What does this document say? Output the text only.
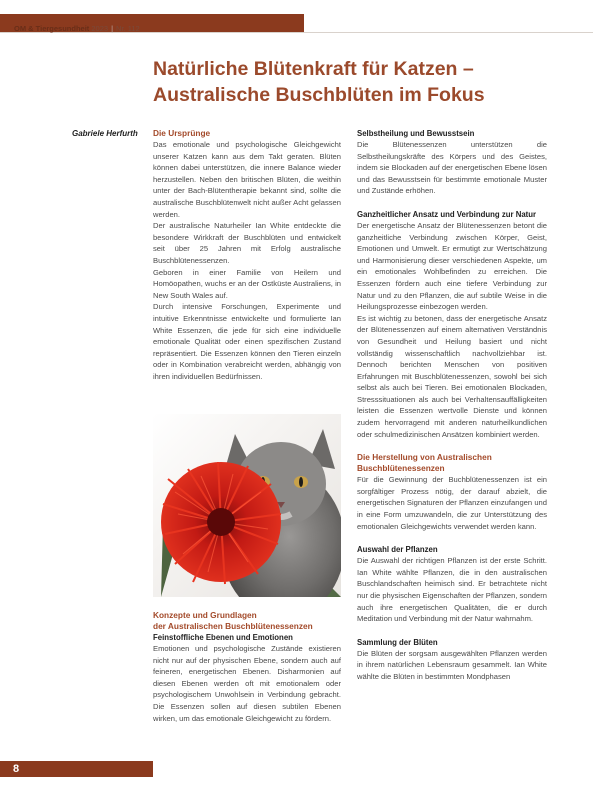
OM & Tiergesundheit 2023 | Nr. 112
Natürliche Blütenkraft für Katzen –
Australische Buschblüten im Fokus
Gabriele Herfurth Die Ursprünge

Das emotionale und psychologische Gleichgewicht unserer Katzen kann aus dem Takt geraten. Blüten können dabei unterstützen, die innere Balance wieder herzustellen. Neben den britischen Blüten, die weithin unter der Bach-Blütentherapie bekannt sind, sollte die australische Buschblütenwelt nicht außer Acht gelassen werden.

Der australische Naturheiler Ian White entdeckte die besondere Wirkkraft der Buschblüten und entwickelt seit über 25 Jahren mit Erfolg australische Buschblütenessenzen.

Geboren in einer Familie von Heilern und Homöopathen, wuchs er an der Ostküste Australiens, in New South Wales auf.

Durch intensive Forschungen, Experimente und intuitive Erkenntnisse entwickelte und formulierte Ian White Essenzen, die jede für sich eine individuelle emotionale Qualität oder einen spezifischen Zustand repräsentiert. Die Essenzen können den Tieren einzeln oder in Kombination verabreicht werden, abhängig von ihren individuellen Bedürfnissen.

Konzepte und Grundlagen
der Australischen Buschblütenessenzen

Feinstoffliche Ebenen und Emotionen

Emotionen und psychologische Zustände existieren nicht nur auf der physischen Ebene, sondern auch auf feineren, energetischen Ebenen. Disharmonien auf diesen Ebenen werden oft mit emotionalem oder psychologischem Unwohlsein in Verbindung gebracht. Die Essenzen sollen auf diesen subtilen Ebenen wirken, um das emotionale Gleichgewicht zu fördern.

Selbstheilung und Bewusstsein

Die Blütenessenzen unterstützen die Selbstheilungskräfte des Körpers und des Geistes, indem sie Blockaden auf der energetischen Ebene lösen und das Bewusstsein für bestimmte emotionale Muster und Zustände erhöhen.

Ganzheitlicher Ansatz und Verbindung zur Natur

Der energetische Ansatz der Blütenessenzen betont die ganzheitliche Verbindung zwischen Körper, Geist, Emotionen und Umwelt. Er ermutigt zur Wertschätzung und Harmonisierung dieser verschiedenen Aspekte, um ein emotionales Wohlbefinden zu erreichen. Die Essenzen fördern auch eine tiefere Verbindung zur Natur und zu den Pflanzen, die auf subtile Weise in die Heilungsprozesse einbezogen werden.

Es ist wichtig zu betonen, dass der energetische Ansatz der Blütenessenzen auf einem alternativen Verständnis von Gesundheit und Heilung basiert und nicht vollständig wissenschaftlich nachvollziehbar ist. Dennoch berichten Menschen von positiven Erfahrungen mit Buschblütenessenzen, sowohl bei sich selbst als auch bei Tieren. Bei emotionalen Blockaden, Stresssituationen als auch bei Verhaltensauffälligkeiten leisten die Essenzen wertvolle Dienste und können zudem hervorragend mit anderen naturheilkundlichen oder schulmedizinischen Ansätzen kombiniert werden.

Die Herstellung von Australischen
Buschblütenessenzen

Für die Gewinnung der Buchblütenessenzen ist ein sorgfältiger Prozess nötig, der darauf abzielt, die energetischen Signaturen der Pflanzen einzufangen und in eine Form umzuwandeln, die zur Unterstützung des emotionalen Gleichgewichts verwendet werden kann.

Auswahl der Pflanzen

Die Auswahl der richtigen Pflanzen ist der erste Schritt. Ian White wählte Pflanzen, die in den australischen Buschlandschaften heimisch sind. Er betrachtete nicht nur die physischen Eigenschaften der Pflanzen, sondern auch ihre energetischen Qualitäten, die er durch Meditation und Verbindung mit der Natur wahrnahm.

Sammlung der Blüten

Die Blüten der sorgsam ausgewählten Pflanzen werden in ihrem natürlichen Lebensraum gesammelt. Ian White wählte die Blüten in bestimmten Mondphasen

8
